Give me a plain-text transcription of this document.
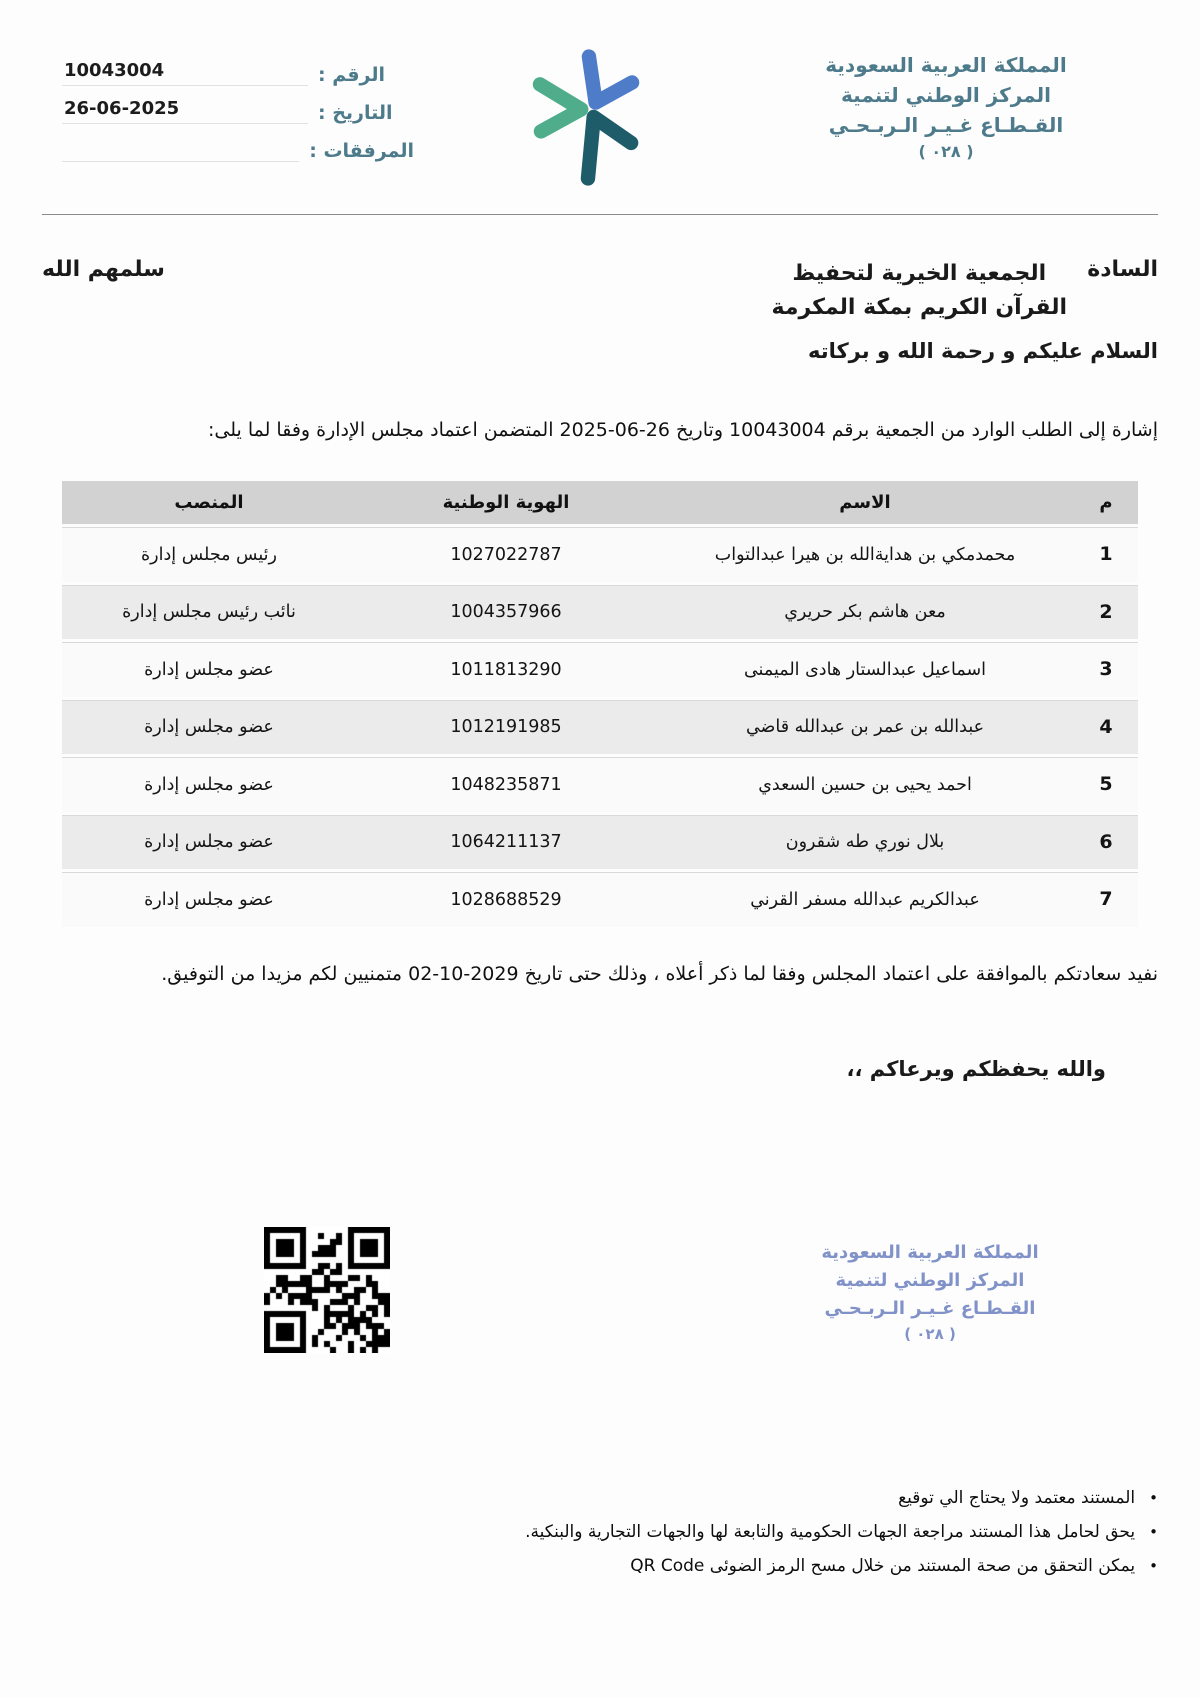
المملكة العربية السعودية
المركز الوطني لتنمية
القـطـاع غـيـر الـربـحـي
( ٠٢٨ )
الرقم :
10043004
التاريخ :
26-06-2025
المرفقات :
السادة
الجمعية الخيرية لتحفيظ القرآن الكريم بمكة المكرمة
سلمهم الله
السلام عليكم و رحمة الله و بركاته

إشارة إلى الطلب الوارد من الجمعية برقم 10043004 وتاريخ 26-06-2025 المتضمن اعتماد مجلس الإدارة وفقا لما يلى:

م	الاسم	الهوية الوطنية	المنصب
1	محمدمكي بن هدايةالله بن هيرا عبدالتواب	1027022787	رئيس مجلس إدارة
2	معن هاشم بكر حريري	1004357966	نائب رئيس مجلس إدارة
3	اسماعيل عبدالستار هادى الميمنى	1011813290	عضو مجلس إدارة
4	عبدالله بن عمر بن عبدالله قاضي	1012191985	عضو مجلس إدارة
5	احمد يحيى بن حسين السعدي	1048235871	عضو مجلس إدارة
6	بلال نوري طه شقرون	1064211137	عضو مجلس إدارة
7	عبدالكريم عبدالله مسفر القرني	1028688529	عضو مجلس إدارة

نفيد سعادتكم بالموافقة على اعتماد المجلس وفقا لما ذكر أعلاه ، وذلك حتى تاريخ 2029-10-02 متمنيين لكم مزيدا من التوفيق.

والله يحفظكم ويرعاكم ،،
المملكة العربية السعودية
المركز الوطني لتنمية
القـطـاع غـيـر الـربـحـي
( ٠٢٨ )
•
المستند معتمد ولا يحتاج الي توقيع
•
يحق لحامل هذا المستند مراجعة الجهات الحكومية والتابعة لها والجهات التجارية والبنكية.
•
يمكن التحقق من صحة المستند من خلال مسح الرمز الضوئى QR Code
